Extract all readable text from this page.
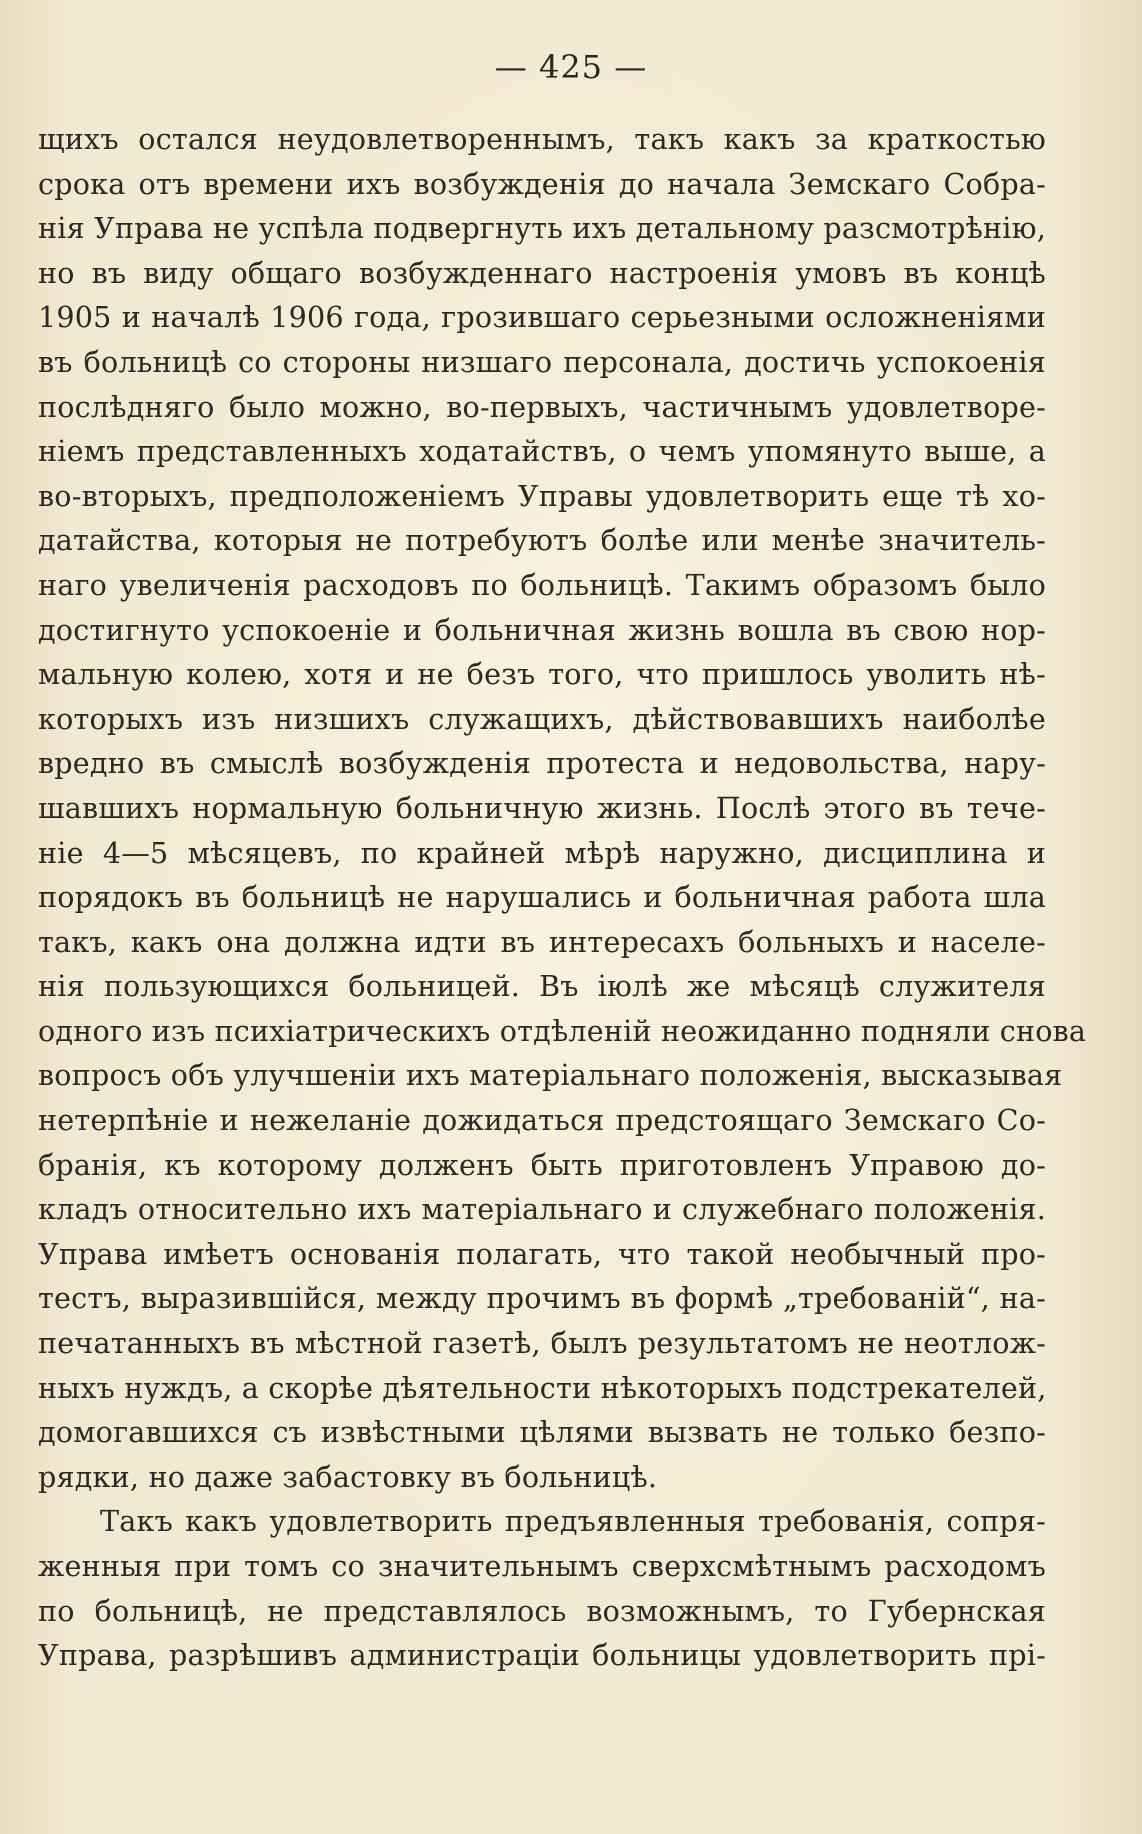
— 425 —
щихъ остался неудовлетвореннымъ, такъ какъ за краткостью
срока отъ времени ихъ возбужденія до начала Земскаго Собра-
нія Управа не успѣла подвергнуть ихъ детальному разсмотрѣнію,
но въ виду общаго возбужденнаго настроенія умовъ въ концѣ
1905 и началѣ 1906 года, грозившаго серьезными осложненіями
въ больницѣ со стороны низшаго персонала, достичь успокоенія
послѣдняго было можно, во-первыхъ, частичнымъ удовлетворе-
ніемъ представленныхъ ходатайствъ, о чемъ упомянуто выше, а
во-вторыхъ, предположеніемъ Управы удовлетворить еще тѣ хо-
датайства, которыя не потребуютъ болѣе или менѣе значитель-
наго увеличенія расходовъ по больницѣ. Такимъ образомъ было
достигнуто успокоеніе и больничная жизнь вошла въ свою нор-
мальную колею, хотя и не безъ того, что пришлось уволить нѣ-
которыхъ изъ низшихъ служащихъ, дѣйствовавшихъ наиболѣе
вредно въ смыслѣ возбужденія протеста и недовольства, нару-
шавшихъ нормальную больничную жизнь. Послѣ этого въ тече-
ніе 4—5 мѣсяцевъ, по крайней мѣрѣ наружно, дисциплина и
порядокъ въ больницѣ не нарушались и больничная работа шла
такъ, какъ она должна идти въ интересахъ больныхъ и населе-
нія пользующихся больницей. Въ іюлѣ же мѣсяцѣ служителя
одного изъ психіатрическихъ отдѣленій неожиданно подняли снова
вопросъ объ улучшеніи ихъ матеріальнаго положенія, высказывая
нетерпѣніе и нежеланіе дожидаться предстоящаго Земскаго Со-
бранія, къ которому долженъ быть приготовленъ Управою до-
кладъ относительно ихъ матеріальнаго и служебнаго положенія.
Управа имѣетъ основанія полагать, что такой необычный про-
тестъ, выразившійся, между прочимъ въ формѣ „требованій“, на-
печатанныхъ въ мѣстной газетѣ, былъ результатомъ не неотлож-
ныхъ нуждъ, а скорѣе дѣятельности нѣкоторыхъ подстрекателей,
домогавшихся съ извѣстными цѣлями вызвать не только безпо-
рядки, но даже забастовку въ больницѣ.
Такъ какъ удовлетворить предъявленныя требованія, сопря-
женныя при томъ со значительнымъ сверхсмѣтнымъ расходомъ
по больницѣ, не представлялось возможнымъ, то Губернская
Управа, разрѣшивъ администраціи больницы удовлетворить прі-
